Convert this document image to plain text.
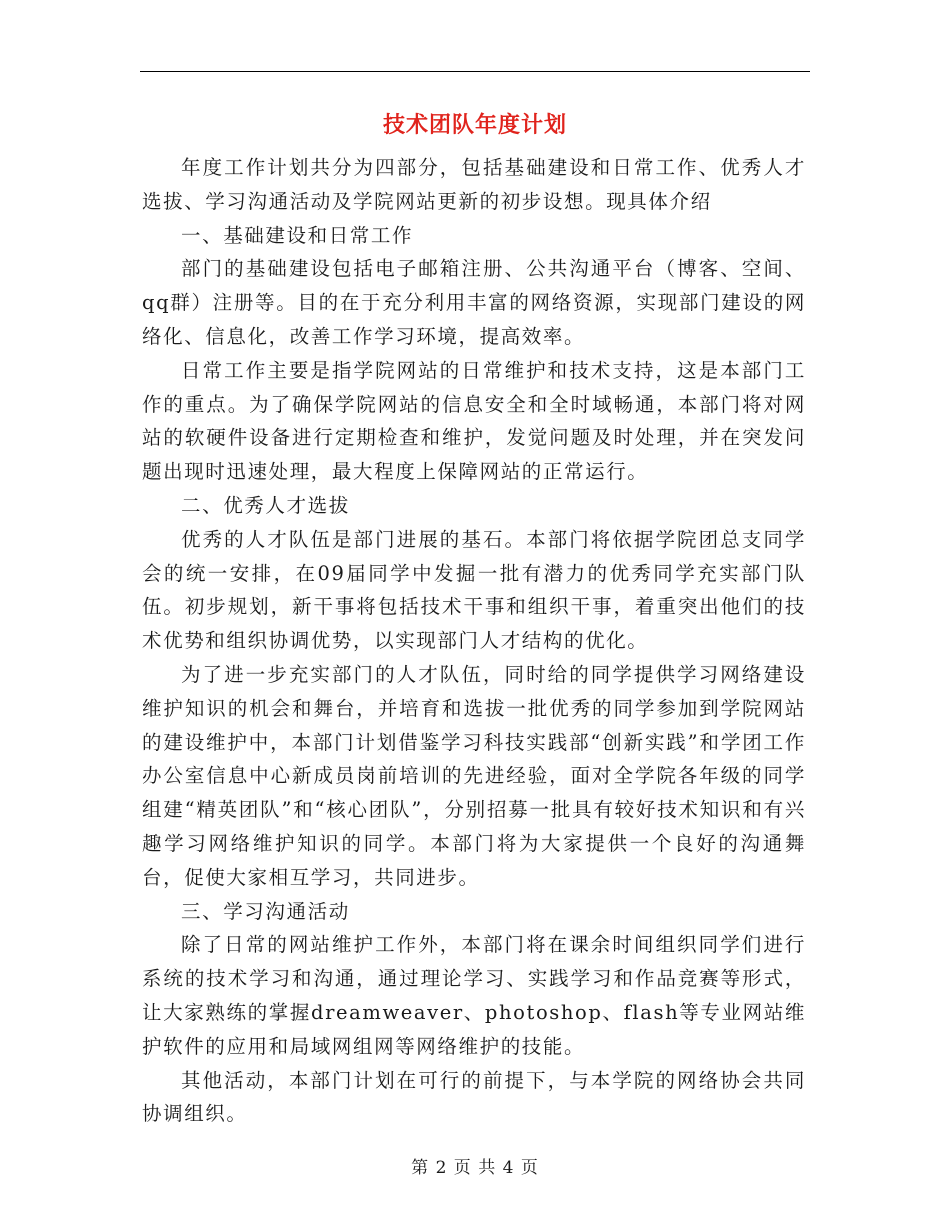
技术团队年度计划

年度工作计划共分为四部分，包括基础建设和日常工作、优秀人才选拔、学习沟通活动及学院网站更新的初步设想。现具体介绍

一、基础建设和日常工作

部门的基础建设包括电子邮箱注册、公共沟通平台（博客、空间、qq群）注册等。目的在于充分利用丰富的网络资源，实现部门建设的网络化、信息化，改善工作学习环境，提高效率。

日常工作主要是指学院网站的日常维护和技术支持，这是本部门工作的重点。为了确保学院网站的信息安全和全时域畅通，本部门将对网站的软硬件设备进行定期检查和维护，发觉问题及时处理，并在突发问题出现时迅速处理，最大程度上保障网站的正常运行。

二、优秀人才选拔

优秀的人才队伍是部门进展的基石。本部门将依据学院团总支同学会的统一安排，在09届同学中发掘一批有潜力的优秀同学充实部门队伍。初步规划，新干事将包括技术干事和组织干事，着重突出他们的技术优势和组织协调优势，以实现部门人才结构的优化。

为了进一步充实部门的人才队伍，同时给的同学提供学习网络建设维护知识的机会和舞台，并培育和选拔一批优秀的同学参加到学院网站的建设维护中，本部门计划借鉴学习科技实践部“创新实践”和学团工作办公室信息中心新成员岗前培训的先进经验，面对全学院各年级的同学组建“精英团队”和“核心团队”，分别招募一批具有较好技术知识和有兴趣学习网络维护知识的同学。本部门将为大家提供一个良好的沟通舞台，促使大家相互学习，共同进步。

三、学习沟通活动

除了日常的网站维护工作外，本部门将在课余时间组织同学们进行系统的技术学习和沟通，通过理论学习、实践学习和作品竞赛等形式，让大家熟练的掌握dreamweaver、photoshop、flash等专业网站维护软件的应用和局域网组网等网络维护的技能。

其他活动，本部门计划在可行的前提下，与本学院的网络协会共同协调组织。

第 2 页 共 4 页
